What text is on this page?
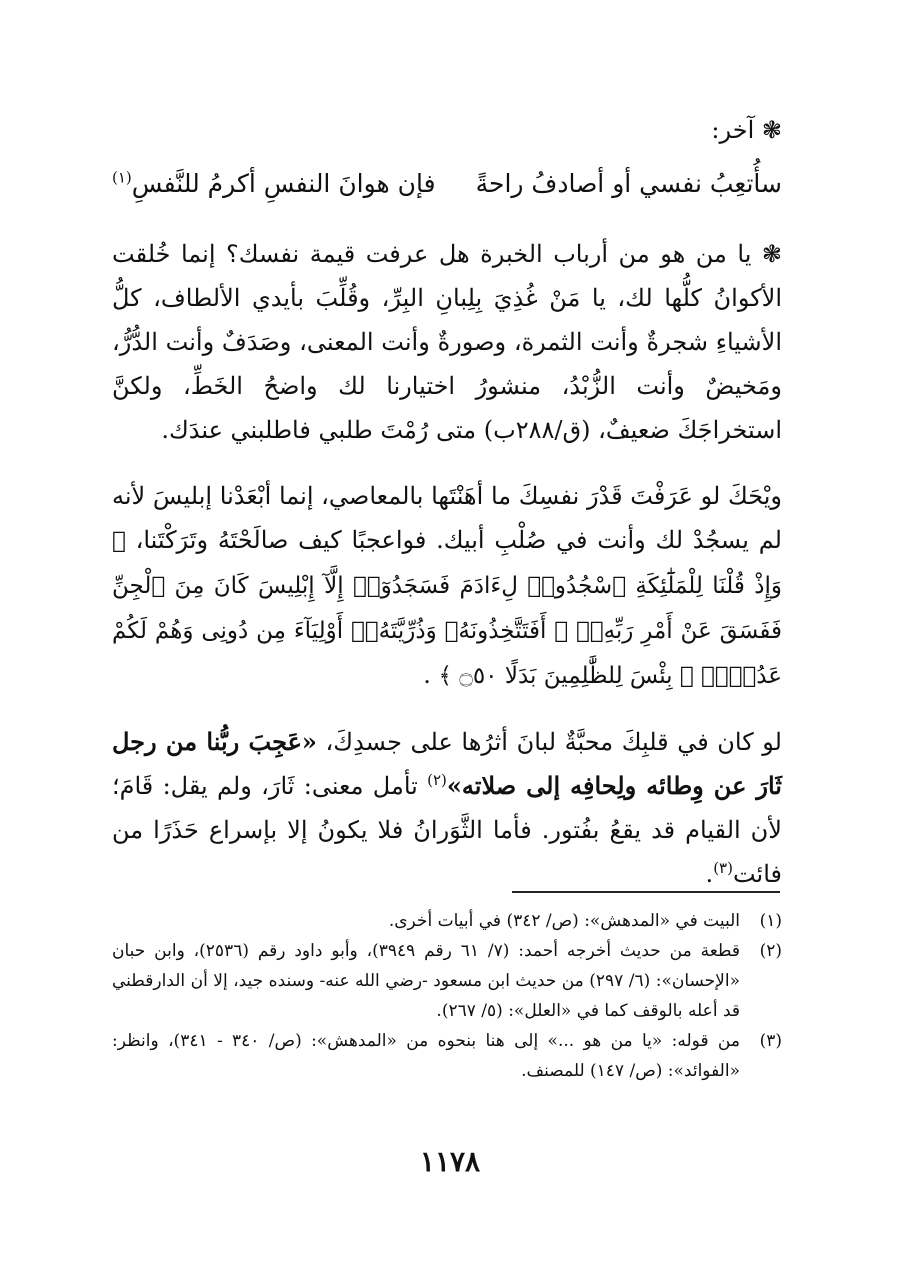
❃ آخر:
سأُتعِبُ نفسي أو أصادفُ راحةً
فإن هوانَ النفسِ أكرمُ للنَّفسِ$^{(١)}$

❃ يا من هو من أرباب الخبرة هل عرفت قيمة نفسك؟ إنما خُلقت الأكوانُ كلُّها لك، يا مَنْ غُذِيَ بِلِبانِ البِرِّ، وقُلِّبَ بأيدي الألطاف، كلُّ الأشياءِ شجرةٌ وأنت الثمرة، وصورةٌ وأنت المعنى، وصَدَفٌ وأنت الدُّرُّ، ومَخيضٌ وأنت الزُّبْدُ، منشورُ اختيارنا لك واضحُ الخَطِّ، ولكنَّ استخراجَكَ ضعيفٌ، (ق/٢٨٨ب) متى رُمْتَ طلبي فاطلبني عندَك.

ويْحَكَ لو عَرَفْتَ قَدْرَ نفسِكَ ما أهَنْتَها بالمعاصي، إنما أبْعَدْنا إبليسَ لأنه لم يسجُدْ لك وأنت في صُلْبِ أبيك. فواعجبًا كيف صالَحْتَهُ وتَرَكْتَنا، ﴿ وَإِذْ قُلْنَا لِلْمَلَٰٓئِكَةِ ٱسْجُدُوا۟ لِءَادَمَ فَسَجَدُوٓا۟ إِلَّآ إِبْلِيسَ كَانَ مِنَ ٱلْجِنِّ فَفَسَقَ عَنْ أَمْرِ رَبِّهِۦٓ ۗ أَفَتَتَّخِذُونَهُۥ وَذُرِّيَّتَهُۥٓ أَوْلِيَآءَ مِن دُونِى وَهُمْ لَكُمْ عَدُوٌّۢ ۚ بِئْسَ لِلظَّٰلِمِينَ بَدَلًا ۝٥٠ ﴾ .

لو كان في قلبِكَ محبَّةٌ لبانَ أثرُها على جسدِكَ، «عَجِبَ ربُّنا من رجل ثَارَ عن وِطائه ولِحافِه إلى صلاته»$^{(٢)}$ تأمل معنى: ثَارَ، ولم يقل: قَامَ؛ لأن القيام قد يقعُ بفُتور. فأما الثَّوَرانُ فلا يكونُ إلا بإسراع حَذَرًا من فائت$^{(٣)}$.

(١)
البيت في «المدهش»: (ص/ ٣٤٢) في أبيات أخرى.
(٢)
قطعة من حديث أخرجه أحمد: (٧/ ٦١ رقم ٣٩٤٩)، وأبو داود رقم (٢٥٣٦)، وابن حبان «الإحسان»: (٦/ ٢٩٧) من حديث ابن مسعود -رضي الله عنه- وسنده جيد، إلا أن الدارقطني قد أعله بالوقف كما في «العلل»: (٥/ ٢٦٧).
(٣)
من قوله: «يا من هو ...» إلى هنا بنحوه من «المدهش»: (ص/ ٣٤٠ - ٣٤١)، وانظر: «الفوائد»: (ص/ ١٤٧) للمصنف.
١١٧٨
